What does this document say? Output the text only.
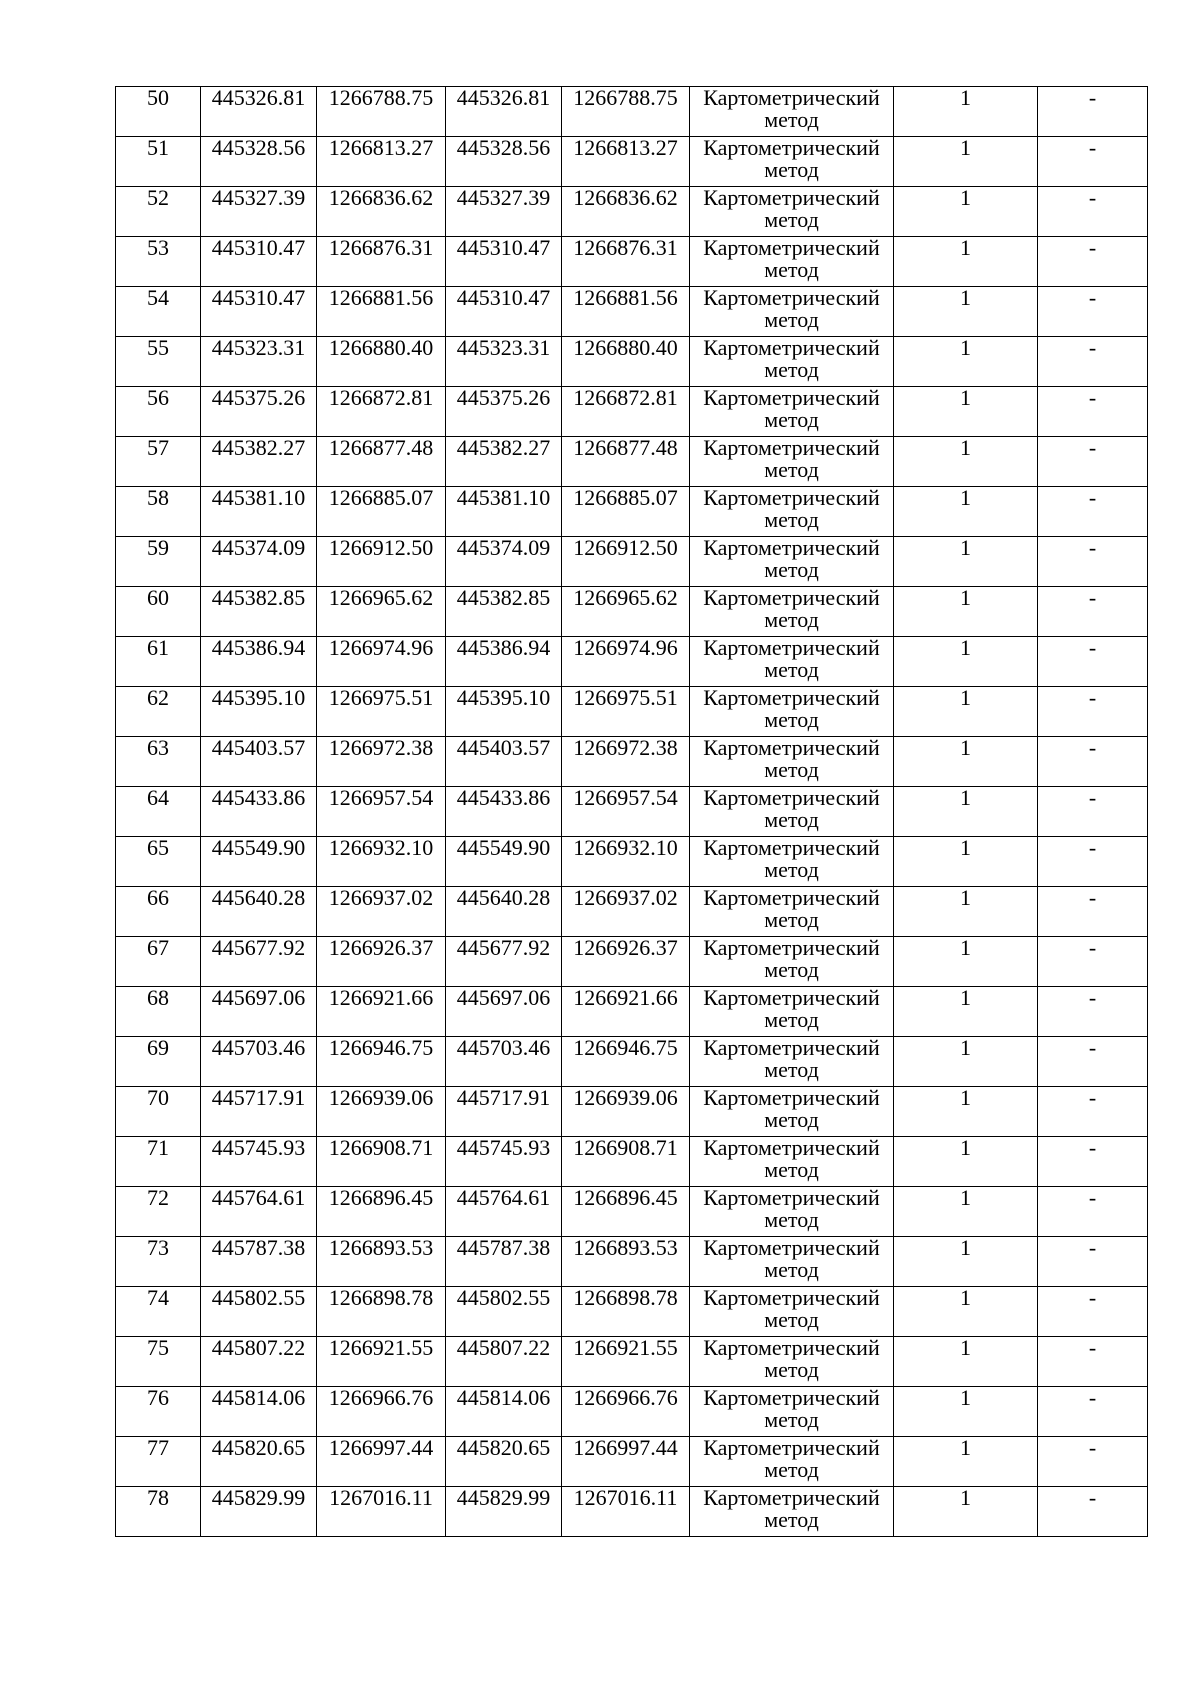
50	445326.81	1266788.75	445326.81	1266788.75	Картометрический
метод	1	-
51	445328.56	1266813.27	445328.56	1266813.27	Картометрический
метод	1	-
52	445327.39	1266836.62	445327.39	1266836.62	Картометрический
метод	1	-
53	445310.47	1266876.31	445310.47	1266876.31	Картометрический
метод	1	-
54	445310.47	1266881.56	445310.47	1266881.56	Картометрический
метод	1	-
55	445323.31	1266880.40	445323.31	1266880.40	Картометрический
метод	1	-
56	445375.26	1266872.81	445375.26	1266872.81	Картометрический
метод	1	-
57	445382.27	1266877.48	445382.27	1266877.48	Картометрический
метод	1	-
58	445381.10	1266885.07	445381.10	1266885.07	Картометрический
метод	1	-
59	445374.09	1266912.50	445374.09	1266912.50	Картометрический
метод	1	-
60	445382.85	1266965.62	445382.85	1266965.62	Картометрический
метод	1	-
61	445386.94	1266974.96	445386.94	1266974.96	Картометрический
метод	1	-
62	445395.10	1266975.51	445395.10	1266975.51	Картометрический
метод	1	-
63	445403.57	1266972.38	445403.57	1266972.38	Картометрический
метод	1	-
64	445433.86	1266957.54	445433.86	1266957.54	Картометрический
метод	1	-
65	445549.90	1266932.10	445549.90	1266932.10	Картометрический
метод	1	-
66	445640.28	1266937.02	445640.28	1266937.02	Картометрический
метод	1	-
67	445677.92	1266926.37	445677.92	1266926.37	Картометрический
метод	1	-
68	445697.06	1266921.66	445697.06	1266921.66	Картометрический
метод	1	-
69	445703.46	1266946.75	445703.46	1266946.75	Картометрический
метод	1	-
70	445717.91	1266939.06	445717.91	1266939.06	Картометрический
метод	1	-
71	445745.93	1266908.71	445745.93	1266908.71	Картометрический
метод	1	-
72	445764.61	1266896.45	445764.61	1266896.45	Картометрический
метод	1	-
73	445787.38	1266893.53	445787.38	1266893.53	Картометрический
метод	1	-
74	445802.55	1266898.78	445802.55	1266898.78	Картометрический
метод	1	-
75	445807.22	1266921.55	445807.22	1266921.55	Картометрический
метод	1	-
76	445814.06	1266966.76	445814.06	1266966.76	Картометрический
метод	1	-
77	445820.65	1266997.44	445820.65	1266997.44	Картометрический
метод	1	-
78	445829.99	1267016.11	445829.99	1267016.11	Картометрический
метод	1	-
